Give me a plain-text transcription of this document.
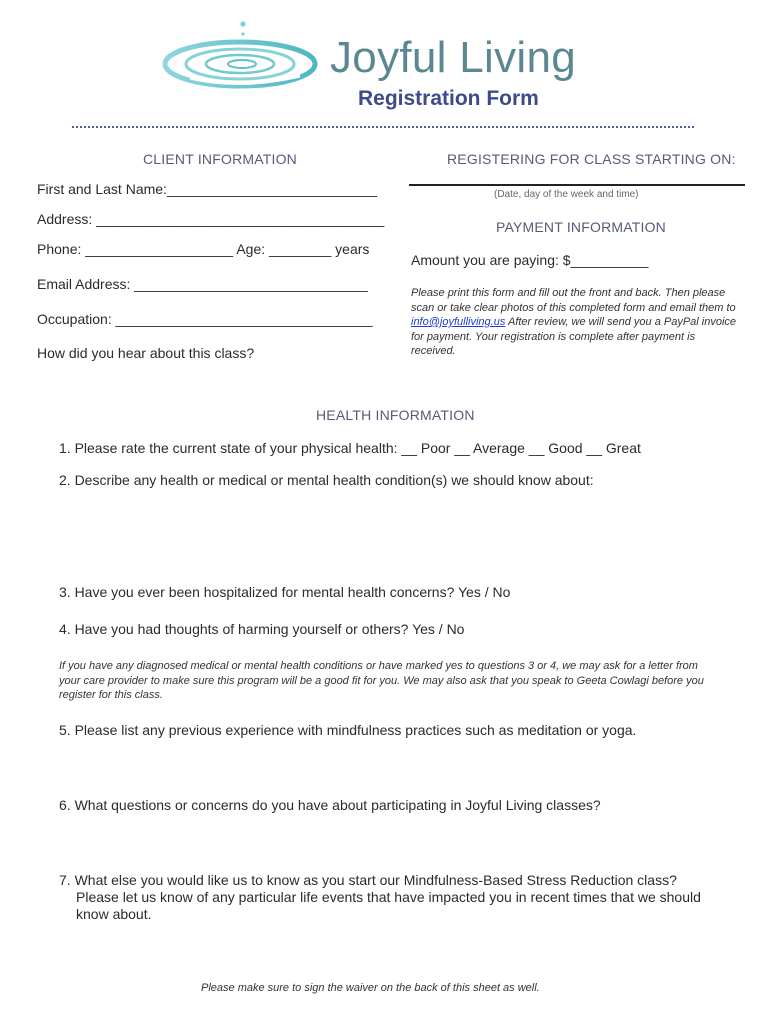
Joyful Living
Registration Form
CLIENT INFORMATION
First and Last Name:___________________________
Address: _____________________________________
Phone: ___________________ Age: ________ years
Email Address: ______________________________
Occupation: _________________________________
How did you hear about this class?
REGISTERING FOR CLASS STARTING ON:
(Date, day of the week and time)
PAYMENT INFORMATION
Amount you are paying: $__________
Please print this form and fill out the front and back. Then please scan or take clear photos of this completed form and email them to info@joyfulliving.us After review, we will send you a PayPal invoice for payment. Your registration is complete after payment is received.
HEALTH INFORMATION
1. Please rate the current state of your physical health: __ Poor __ Average __ Good __ Great
2. Describe any health or medical or mental health condition(s) we should know about:
3. Have you ever been hospitalized for mental health concerns? Yes / No
4. Have you had thoughts of harming yourself or others? Yes / No
If you have any diagnosed medical or mental health conditions or have marked yes to questions 3 or 4, we may ask for a letter from your care provider to make sure this program will be a good fit for you. We may also ask that you speak to Geeta Cowlagi before you register for this class.
5. Please list any previous experience with mindfulness practices such as meditation or yoga.
6. What questions or concerns do you have about participating in Joyful Living classes?
7. What else you would like us to know as you start our Mindfulness-Based Stress Reduction class? Please let us know of any particular life events that have impacted you in recent times that we should know about.
Please make sure to sign the waiver on the back of this sheet as well.
